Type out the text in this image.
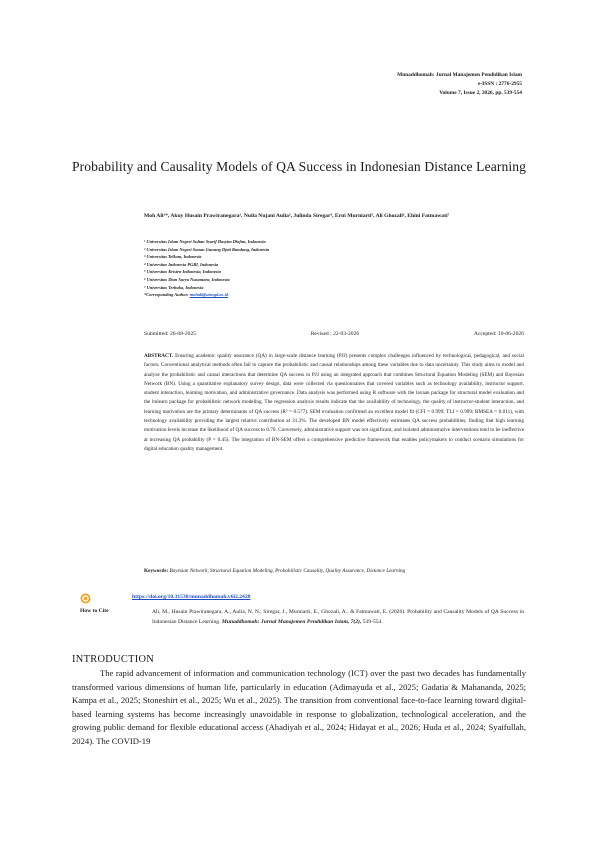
Munaddhomah: Jurnal Manajemen Pendidikan Islam
e-ISSN : 2776-2955
Volume 7, Issue 2, 2026, pp. 539-554
Probability and Causality Models of QA Success in Indonesian Distance Learning
Moh Ali¹*, Akuy Husain Prawiranegara², Nuila Nujani Aulia³, Julinda Siregar⁴, Erni Murniarti⁵, Ali Ghozali⁶, Ehini Fatmawati⁷
¹ Universitas Islam Negeri Sultan Syarif Hasyim Dlofan, Indonesia
² Universitas Islam Negeri Sunan Gunung Djati Bandung, Indonesia
³ Universitas Telkom, Indonesia
⁴ Universitas Indonesia PGRI, Indonesia
⁵ Universitas Kristen Indonesia, Indonesia
⁶ Universitas Dian Surya Nusantara, Indonesia
⁷ Universitas Terbuka, Indonesia
*Corresponding Author: mohali@uinsgd.ac.id
Submitted: 26-08-2025	Revised : 22-03-2026	Accepted: 10-06-2026
ABSTRACT. Ensuring academic quality assurance (QA) in large-scale distance learning (PJJ) presents complex challenges influenced by technological, pedagogical, and social factors. Conventional analytical methods often fail to capture the probabilistic and causal relationships among these variables due to data uncertainty. This study aims to model and analyze the probabilistic and causal interactions that determine QA success in PJJ using an integrated approach that combines Structural Equation Modeling (SEM) and Bayesian Network (BN). Using a quantitative explanatory survey design, data were collected via questionnaires that covered variables such as technology availability, instructor support, student interaction, learning motivation, and administrative governance. Data analysis was performed using R software with the lavaan package for structural model evaluation and the bnlearn package for probabilistic network modeling. The regression analysis results indicate that the availability of technology, the quality of instructor-student interaction, and learning motivation are the primary determinants of QA success (R² = 0.577). SEM evaluation confirmed an excellent model fit (CFI = 0.999; TLI = 0.999; RMSEA = 0.011), with technology availability providing the largest relative contribution at 31.3%. The developed BN model effectively estimates QA success probabilities, finding that high learning motivation levels increase the likelihood of QA success to 0.70. Conversely, administrative support was not significant, and isolated administrative interventions tend to be ineffective at increasing QA probability (P = 0.45). The integration of BN-SEM offers a comprehensive predictive framework that enables policymakers to conduct scenario simulations for digital education quality management.
Keywords: Bayesian Network, Structural Equation Modeling, Probabilistic Causality, Quality Assurance, Distance Learning
https://doi.org/10.31538/munaddhomah.v6i2.2428
How to Cite	Ali, M., Husain Prawiranegara, A., Aulia, N. N., Siregar, J., Murniarti, E., Ghozali, A., & Fatmawati, E. (2026). Probability and Causality Models of QA Success in Indonesian Distance Learning. Munaddhomah: Jurnal Manajemen Pendidikan Islam, 7(2), 539-554.
INTRODUCTION

The rapid advancement of information and communication technology (ICT) over the past two decades has fundamentally transformed various dimensions of human life, particularly in education (Adimayuda et al., 2025; Gadatia & Mahananda, 2025; Kampa et al., 2025; Stoneshirt et al., 2025; Wu et al., 2025). The transition from conventional face-to-face learning toward digital-based learning systems has become increasingly unavoidable in response to globalization, technological acceleration, and the growing public demand for flexible educational access (Ahadiyah et al., 2024; Hidayat et al., 2026; Huda et al., 2024; Syaifullah, 2024). The COVID-19
